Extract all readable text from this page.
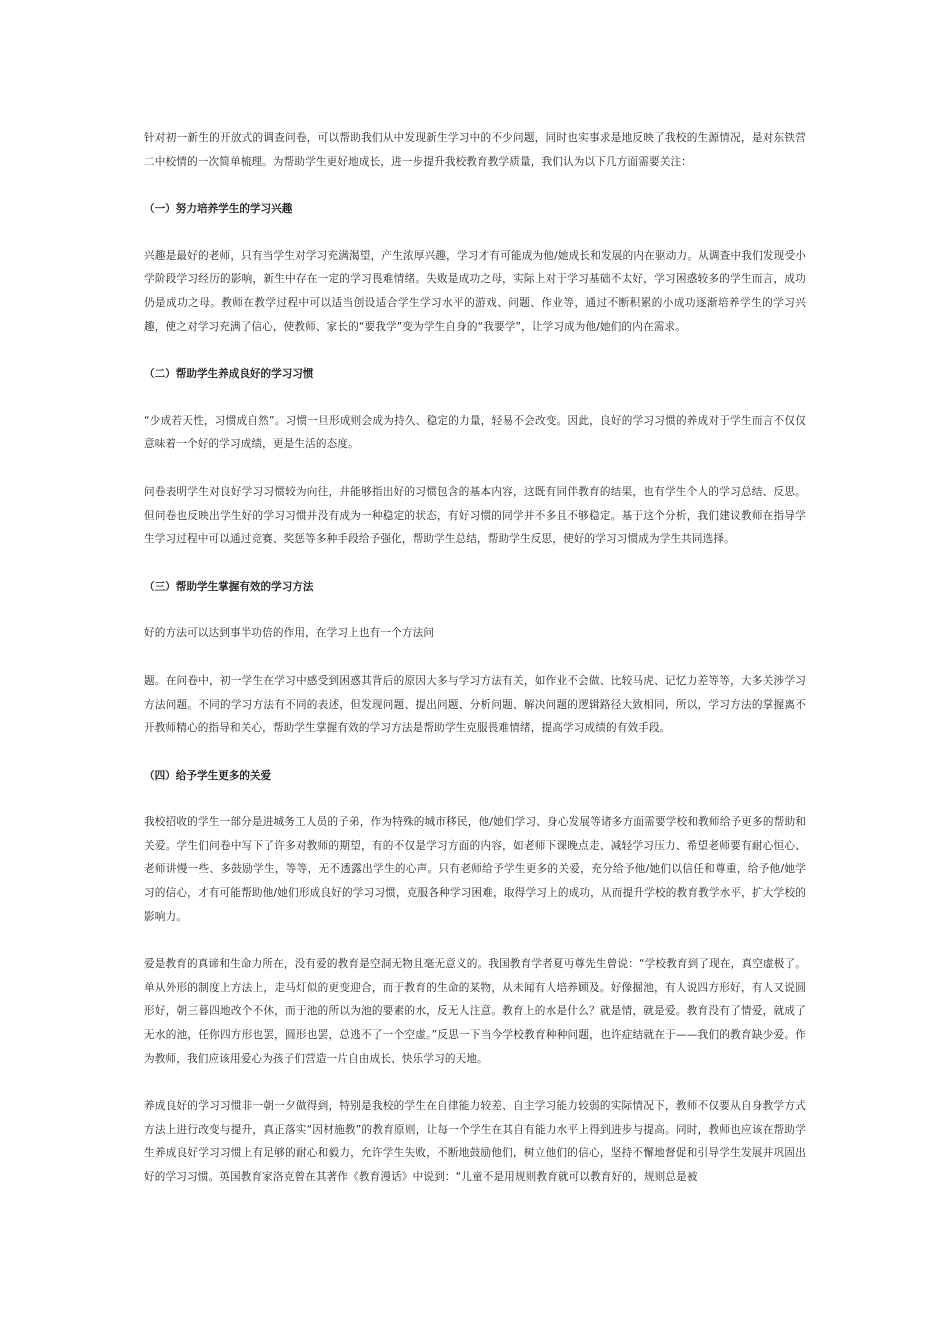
针对初一新生的开放式的调查问卷，可以帮助我们从中发现新生学习中的不少问题，同时也实事求是地反映了我校的生源情况，是对东铁营二中校情的一次简单梳理。为帮助学生更好地成长，进一步提升我校教育教学质量，我们认为以下几方面需要关注：

（一）努力培养学生的学习兴趣

兴趣是最好的老师，只有当学生对学习充满渴望，产生浓厚兴趣，学习才有可能成为他/她成长和发展的内在驱动力。从调查中我们发现受小学阶段学习经历的影响，新生中存在一定的学习畏难情绪。失败是成功之母，实际上对于学习基础不太好，学习困惑较多的学生而言，成功仍是成功之母。教师在教学过程中可以适当创设适合学生学习水平的游戏、问题、作业等，通过不断积累的小成功逐渐培养学生的学习兴趣，使之对学习充满了信心，使教师、家长的“要我学”变为学生自身的“我要学”，让学习成为他/她们的内在需求。

（二）帮助学生养成良好的学习习惯

“少成若天性，习惯成自然”。习惯一旦形成则会成为持久、稳定的力量，轻易不会改变。因此，良好的学习习惯的养成对于学生而言不仅仅意味着一个好的学习成绩，更是生活的态度。

问卷表明学生对良好学习习惯较为向往，并能够指出好的习惯包含的基本内容，这既有同伴教育的结果，也有学生个人的学习总结、反思。但问卷也反映出学生好的学习习惯并没有成为一种稳定的状态，有好习惯的同学并不多且不够稳定。基于这个分析，我们建议教师在指导学生学习过程中可以通过竞赛、奖惩等多种手段给予强化，帮助学生总结，帮助学生反思，使好的学习习惯成为学生共同选择。

（三）帮助学生掌握有效的学习方法

好的方法可以达到事半功倍的作用，在学习上也有一个方法问

题。在问卷中，初一学生在学习中感受到困惑其背后的原因大多与学习方法有关，如作业不会做、比较马虎、记忆力差等等，大多关涉学习方法问题。不同的学习方法有不同的表述，但发现问题、提出问题、分析问题、解决问题的逻辑路径大致相同，所以，学习方法的掌握离不开教师精心的指导和关心，帮助学生掌握有效的学习方法是帮助学生克服畏难情绪，提高学习成绩的有效手段。

（四）给予学生更多的关爱

我校招收的学生一部分是进城务工人员的子弟，作为特殊的城市移民，他/她们学习、身心发展等诸多方面需要学校和教师给予更多的帮助和关爱。学生们问卷中写下了许多对教师的期望，有的不仅是学习方面的内容，如老师下课晚点走、减轻学习压力、希望老师要有耐心恒心、老师讲慢一些、多鼓励学生，等等，无不透露出学生的心声。只有老师给予学生更多的关爱，充分给予他/她们以信任和尊重，给予他/她学习的信心，才有可能帮助他/她们形成良好的学习习惯，克服各种学习困难，取得学习上的成功，从而提升学校的教育教学水平，扩大学校的影响力。

爱是教育的真谛和生命力所在，没有爱的教育是空洞无物且毫无意义的。我国教育学者夏丏尊先生曾说：“学校教育到了现在，真空虚极了。单从外形的制度上方法上，走马灯似的更变迎合，而于教育的生命的某物，从未闻有人培养顾及。好像掘池，有人说四方形好，有人又说圆形好，朝三暮四地改个不休，而于池的所以为池的要素的水，反无人注意。教育上的水是什么？就是情，就是爱。教育没有了情爱，就成了无水的池，任你四方形也罢，圆形也罢，总逃不了一个空虚。”反思一下当今学校教育种种问题，也许症结就在于——我们的教育缺少爱。作为教师，我们应该用爱心为孩子们营造一片自由成长、快乐学习的天地。

养成良好的学习习惯非一朝一夕做得到，特别是我校的学生在自律能力较差、自主学习能力较弱的实际情况下，教师不仅要从自身教学方式方法上进行改变与提升，真正落实“因材施教”的教育原则，让每一个学生在其自有能力水平上得到进步与提高。同时，教师也应该在帮助学生养成良好学习习惯上有足够的耐心和毅力，允许学生失败，不断地鼓励他们，树立他们的信心，坚持不懈地督促和引导学生发展并巩固出好的学习习惯。英国教育家洛克曾在其著作《教育漫话》中说到：“儿童不是用规则教育就可以教育好的，规则总是被
